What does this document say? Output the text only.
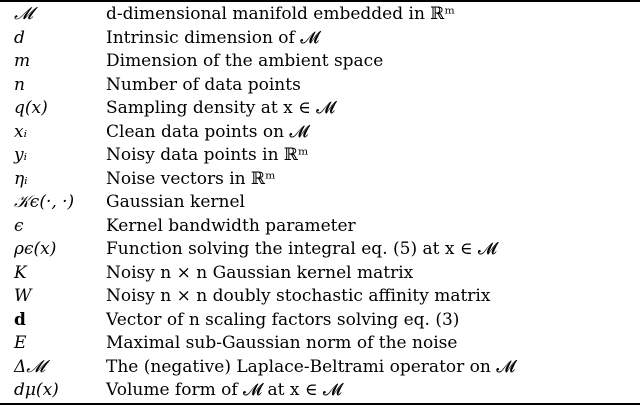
𝓜	d-dimensional manifold embedded in ℝᵐ
d	Intrinsic dimension of 𝓜
m	Dimension of the ambient space
n	Number of data points
q(x)	Sampling density at x ∈ 𝓜
xᵢ	Clean data points on 𝓜
yᵢ	Noisy data points in ℝᵐ
ηᵢ	Noise vectors in ℝᵐ
𝒦ϵ(·, ·) Gaussian kernel
ϵ	Kernel bandwidth parameter
ρϵ(x)	Function solving the integral eq. (5) at x ∈ 𝓜
K	Noisy n × n Gaussian kernel matrix
W	Noisy n × n doubly stochastic affinity matrix
d	Vector of n scaling factors solving eq. (3)
E	Maximal sub-Gaussian norm of the noise
Δ𝓜	The (negative) Laplace-Beltrami operator on 𝓜
dμ(x)	Volume form of 𝓜 at x ∈ 𝓜
